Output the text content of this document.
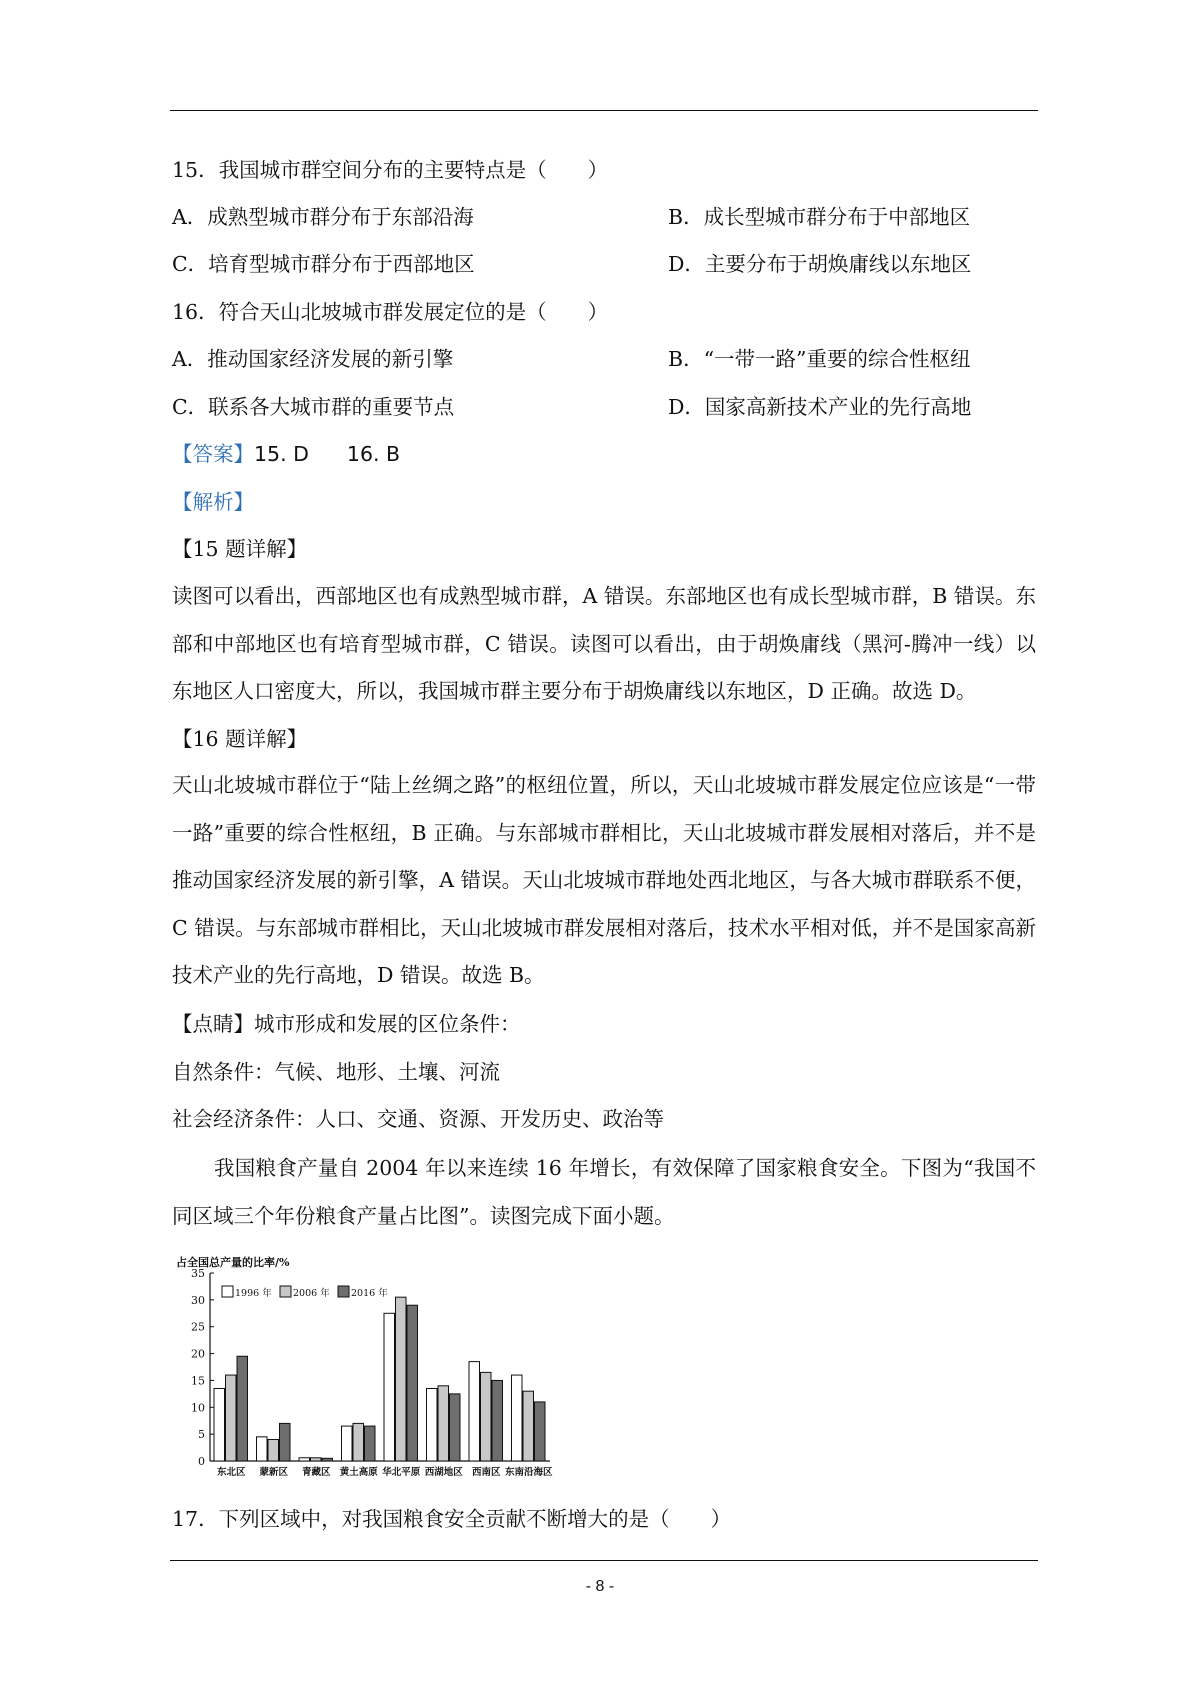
15．我国城市群空间分布的主要特点是（　　）
A．成熟型城市群分布于东部沿海	B．成长型城市群分布于中部地区
C．培育型城市群分布于西部地区	D．主要分布于胡焕庸线以东地区
16．符合天山北坡城市群发展定位的是（　　）
A．推动国家经济发展的新引擎	B．“一带一路”重要的综合性枢纽
C．联系各大城市群的重要节点	D．国家高新技术产业的先行高地
【答案】15. D 16. B
【解析】
【15 题详解】
读图可以看出，西部地区也有成熟型城市群，A 错误。东部地区也有成长型城市群，B 错误。东部和中部地区也有培育型城市群，C 错误。读图可以看出，由于胡焕庸线（黑河-腾冲一线）以东地区人口密度大，所以，我国城市群主要分布于胡焕庸线以东地区，D 正确。故选 D。
【16 题详解】
天山北坡城市群位于“陆上丝绸之路”的枢纽位置，所以，天山北坡城市群发展定位应该是“一带一路”重要的综合性枢纽，B 正确。与东部城市群相比，天山北坡城市群发展相对落后，并不是推动国家经济发展的新引擎，A 错误。天山北坡城市群地处西北地区，与各大城市群联系不便，C 错误。与东部城市群相比，天山北坡城市群发展相对落后，技术水平相对低，并不是国家高新技术产业的先行高地，D 错误。故选 B。
【点睛】城市形成和发展的区位条件：
自然条件：气候、地形、土壤、河流
社会经济条件：人口、交通、资源、开发历史、政治等
我国粮食产量自 2004 年以来连续 16 年增长，有效保障了国家粮食安全。下图为“我国不同区域三个年份粮食产量占比图”。读图完成下面小题。
占全国总产量的比率/%
0
5
10
15
20
25
30
35
东北区 蒙新区 青藏区 黄土高原 华北平原 西湖地区 西南区 东南沿海区
1996 年 2006 年 2016 年
17．下列区域中，对我国粮食安全贡献不断增大的是（　　）
- 8 -
